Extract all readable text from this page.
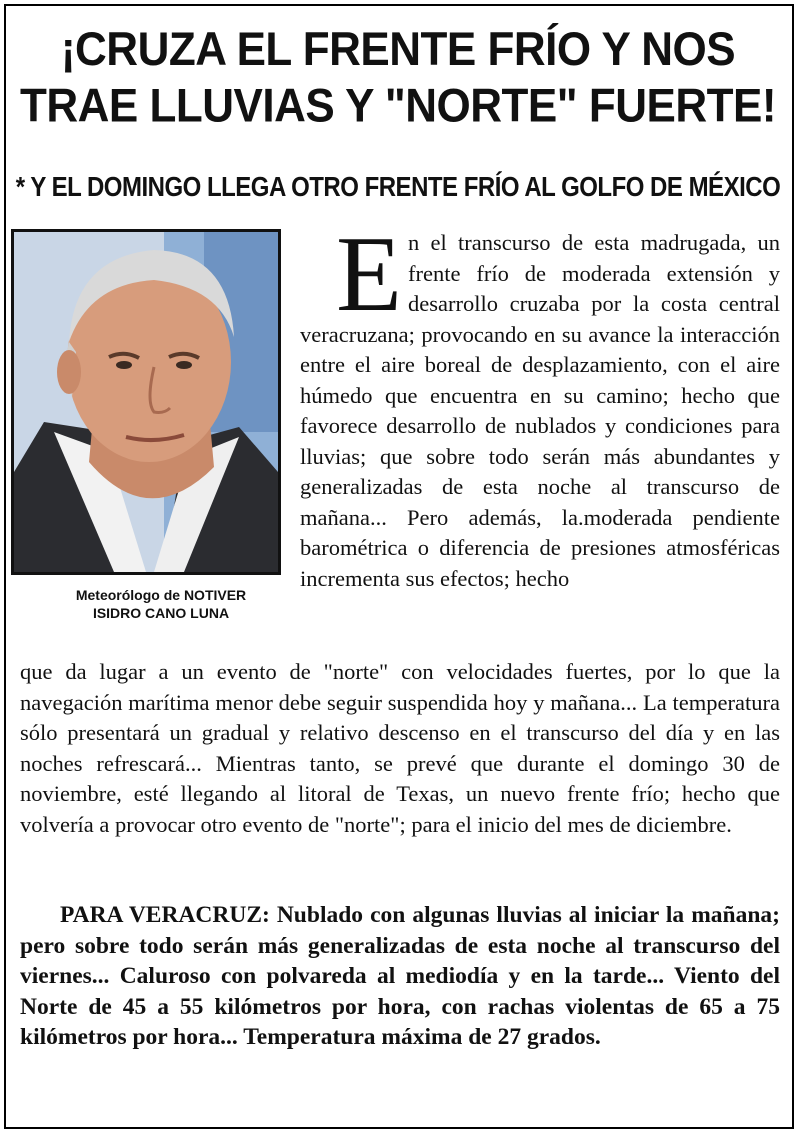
¡CRUZA EL FRENTE FRÍO Y NOS
TRAE LLUVIAS Y "NORTE" FUERTE!
* Y EL DOMINGO LLEGA OTRO FRENTE FRÍO AL GOLFO DE MÉXICO
Meteorólogo de NOTIVER
ISIDRO CANO LUNA
En el transcurso de esta madrugada, un frente frío de moderada extensión y desarrollo cruzaba por la costa central veracruzana; provocando en su avance la interacción entre el aire boreal de desplazamiento, con el aire húmedo que encuentra en su camino; hecho que favorece desarrollo de nublados y condiciones para lluvias; que sobre todo serán más abundantes y generalizadas de esta noche al transcurso de mañana... Pero además, la.moderada pendiente barométrica o diferencia de presiones atmosféricas incrementa sus efectos; hecho
que da lugar a un evento de "norte" con velocidades fuertes, por lo que la navegación marítima menor debe seguir suspendida hoy y mañana... La temperatura sólo presentará un gradual y relativo descenso en el transcurso del día y en las noches refrescará... Mientras tanto, se prevé que durante el domingo 30 de noviembre, esté llegando al litoral de Texas, un nuevo frente frío; hecho que volvería a provocar otro evento de "norte"; para el inicio del mes de diciembre.
PARA VERACRUZ: Nublado con algunas lluvias al iniciar la mañana; pero sobre todo serán más generalizadas de esta noche al transcurso del viernes... Caluroso con polvareda al mediodía y en la tarde... Viento del Norte de 45 a 55 kilómetros por hora, con rachas violentas de 65 a 75 kilómetros por hora... Temperatura máxima de 27 grados.
